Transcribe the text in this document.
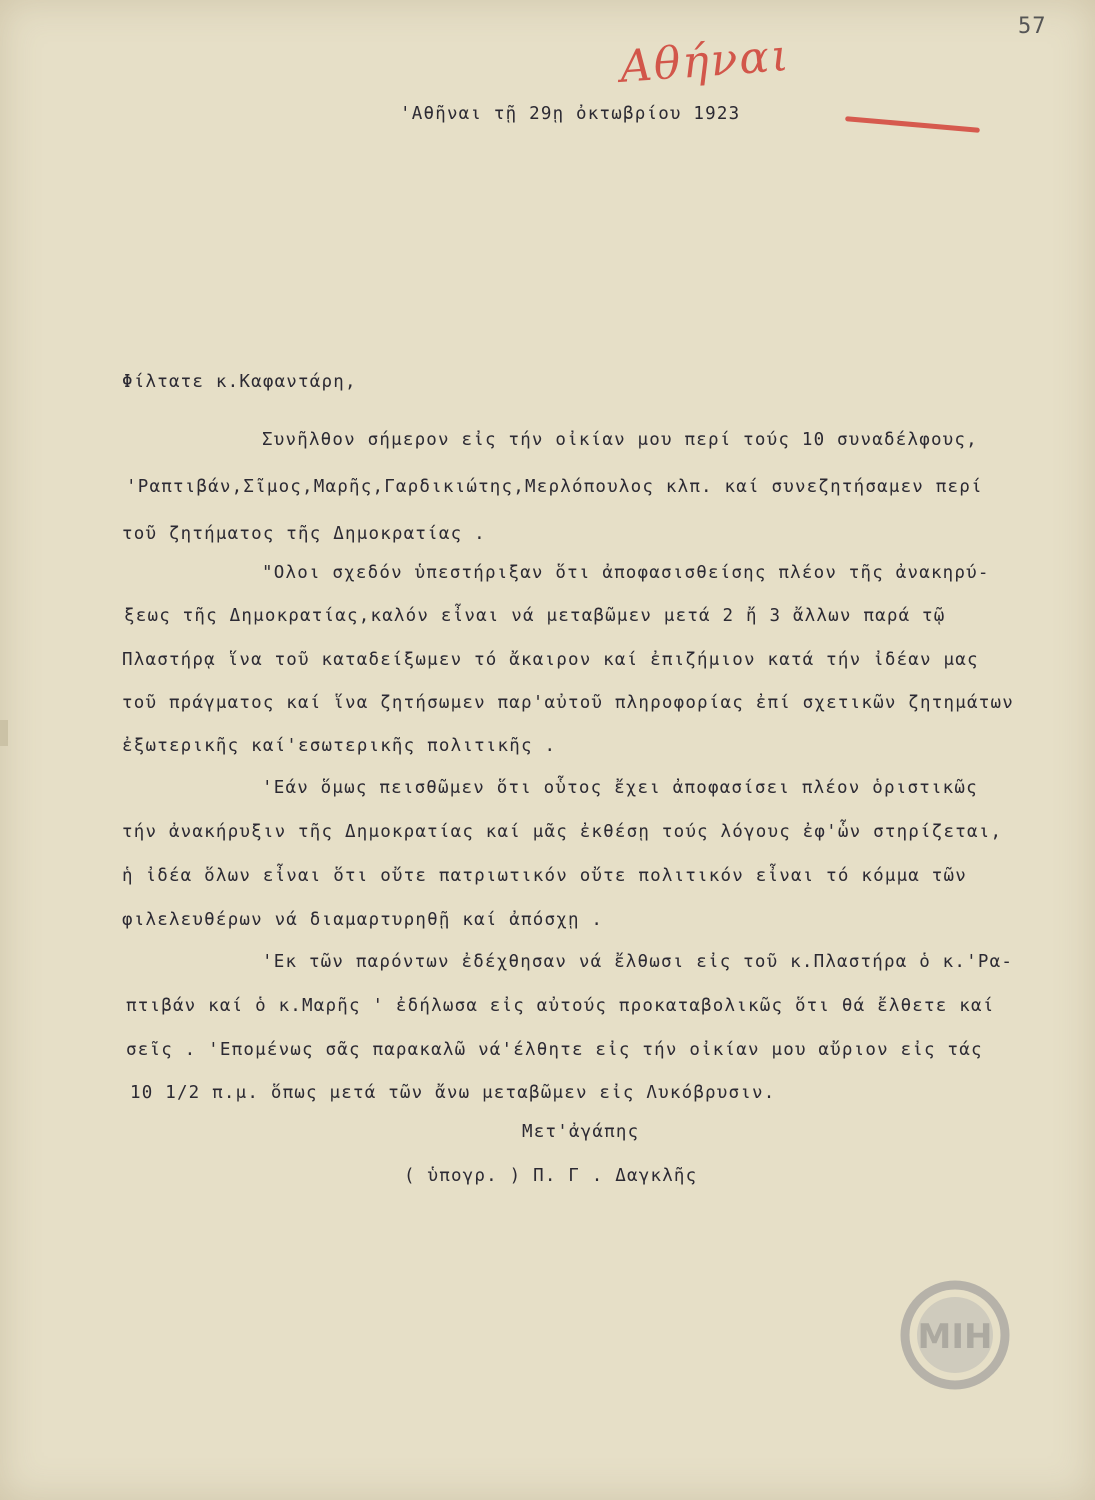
57
Αθήναι
'Αθῆναι τῇ 29ῃ ὀκτωβρίου 1923
Φίλτατε κ.Καφαντάρη,
Συνῆλθον σήμερον εἰς τήν οἰκίαν μου περί τούς 10 συναδέλφους,
'Ραπτιβάν,Σῖμος,Μαρῆς,Γαρδικιώτης,Μερλόπουλος κλπ. καί συνεζητήσαμεν περί
τοῦ ζητήματος τῆς Δημοκρατίας .
"Ολοι σχεδόν ὑπεστήριξαν ὅτι ἀποφασισθείσης πλέον τῆς ἀνακηρύ-
ξεως τῆς Δημοκρατίας,καλόν εἶναι νά μεταβῶμεν μετά 2 ἤ 3 ἄλλων παρά τῷ
Πλαστήρᾳ ἵνα τοῦ καταδείξωμεν τό ἄκαιρον καί ἐπιζήμιον κατά τήν ἰδέαν μας
τοῦ πράγματος καί ἵνα ζητήσωμεν παρ'αὐτοῦ πληροφορίας ἐπί σχετικῶν ζητημάτων
ἐξωτερικῆς καί'εσωτερικῆς πολιτικῆς .
'Εάν ὅμως πεισθῶμεν ὅτι οὗτος ἔχει ἀποφασίσει πλέον ὁριστικῶς
τήν ἀνακήρυξιν τῆς Δημοκρατίας καί μᾶς ἐκθέσῃ τούς λόγους ἐφ'ὧν στηρίζεται,
ἡ ἰδέα ὅλων εἶναι ὅτι οὔτε πατριωτικόν οὔτε πολιτικόν εἶναι τό κόμμα τῶν
φιλελευθέρων νά διαμαρτυρηθῇ καί ἀπόσχῃ .
'Εκ τῶν παρόντων ἐδέχθησαν νά ἔλθωσι εἰς τοῦ κ.Πλαστήρα ὁ κ.'Ρα-
πτιβάν καί ὁ κ.Μαρῆς ' ἐδήλωσα εἰς αὐτούς προκαταβολικῶς ὅτι θά ἔλθετε καί
σεῖς . 'Επομένως σᾶς παρακαλῶ νά'έλθητε εἰς τήν οἰκίαν μου αὔριον εἰς τάς
10 1/2 π.μ. ὅπως μετά τῶν ἄνω μεταβῶμεν εἰς Λυκόβρυσιν.
Μετ'ἀγάπης
( ὑπογρ. ) Π. Γ . Δαγκλῆς
ΜΙΗ
